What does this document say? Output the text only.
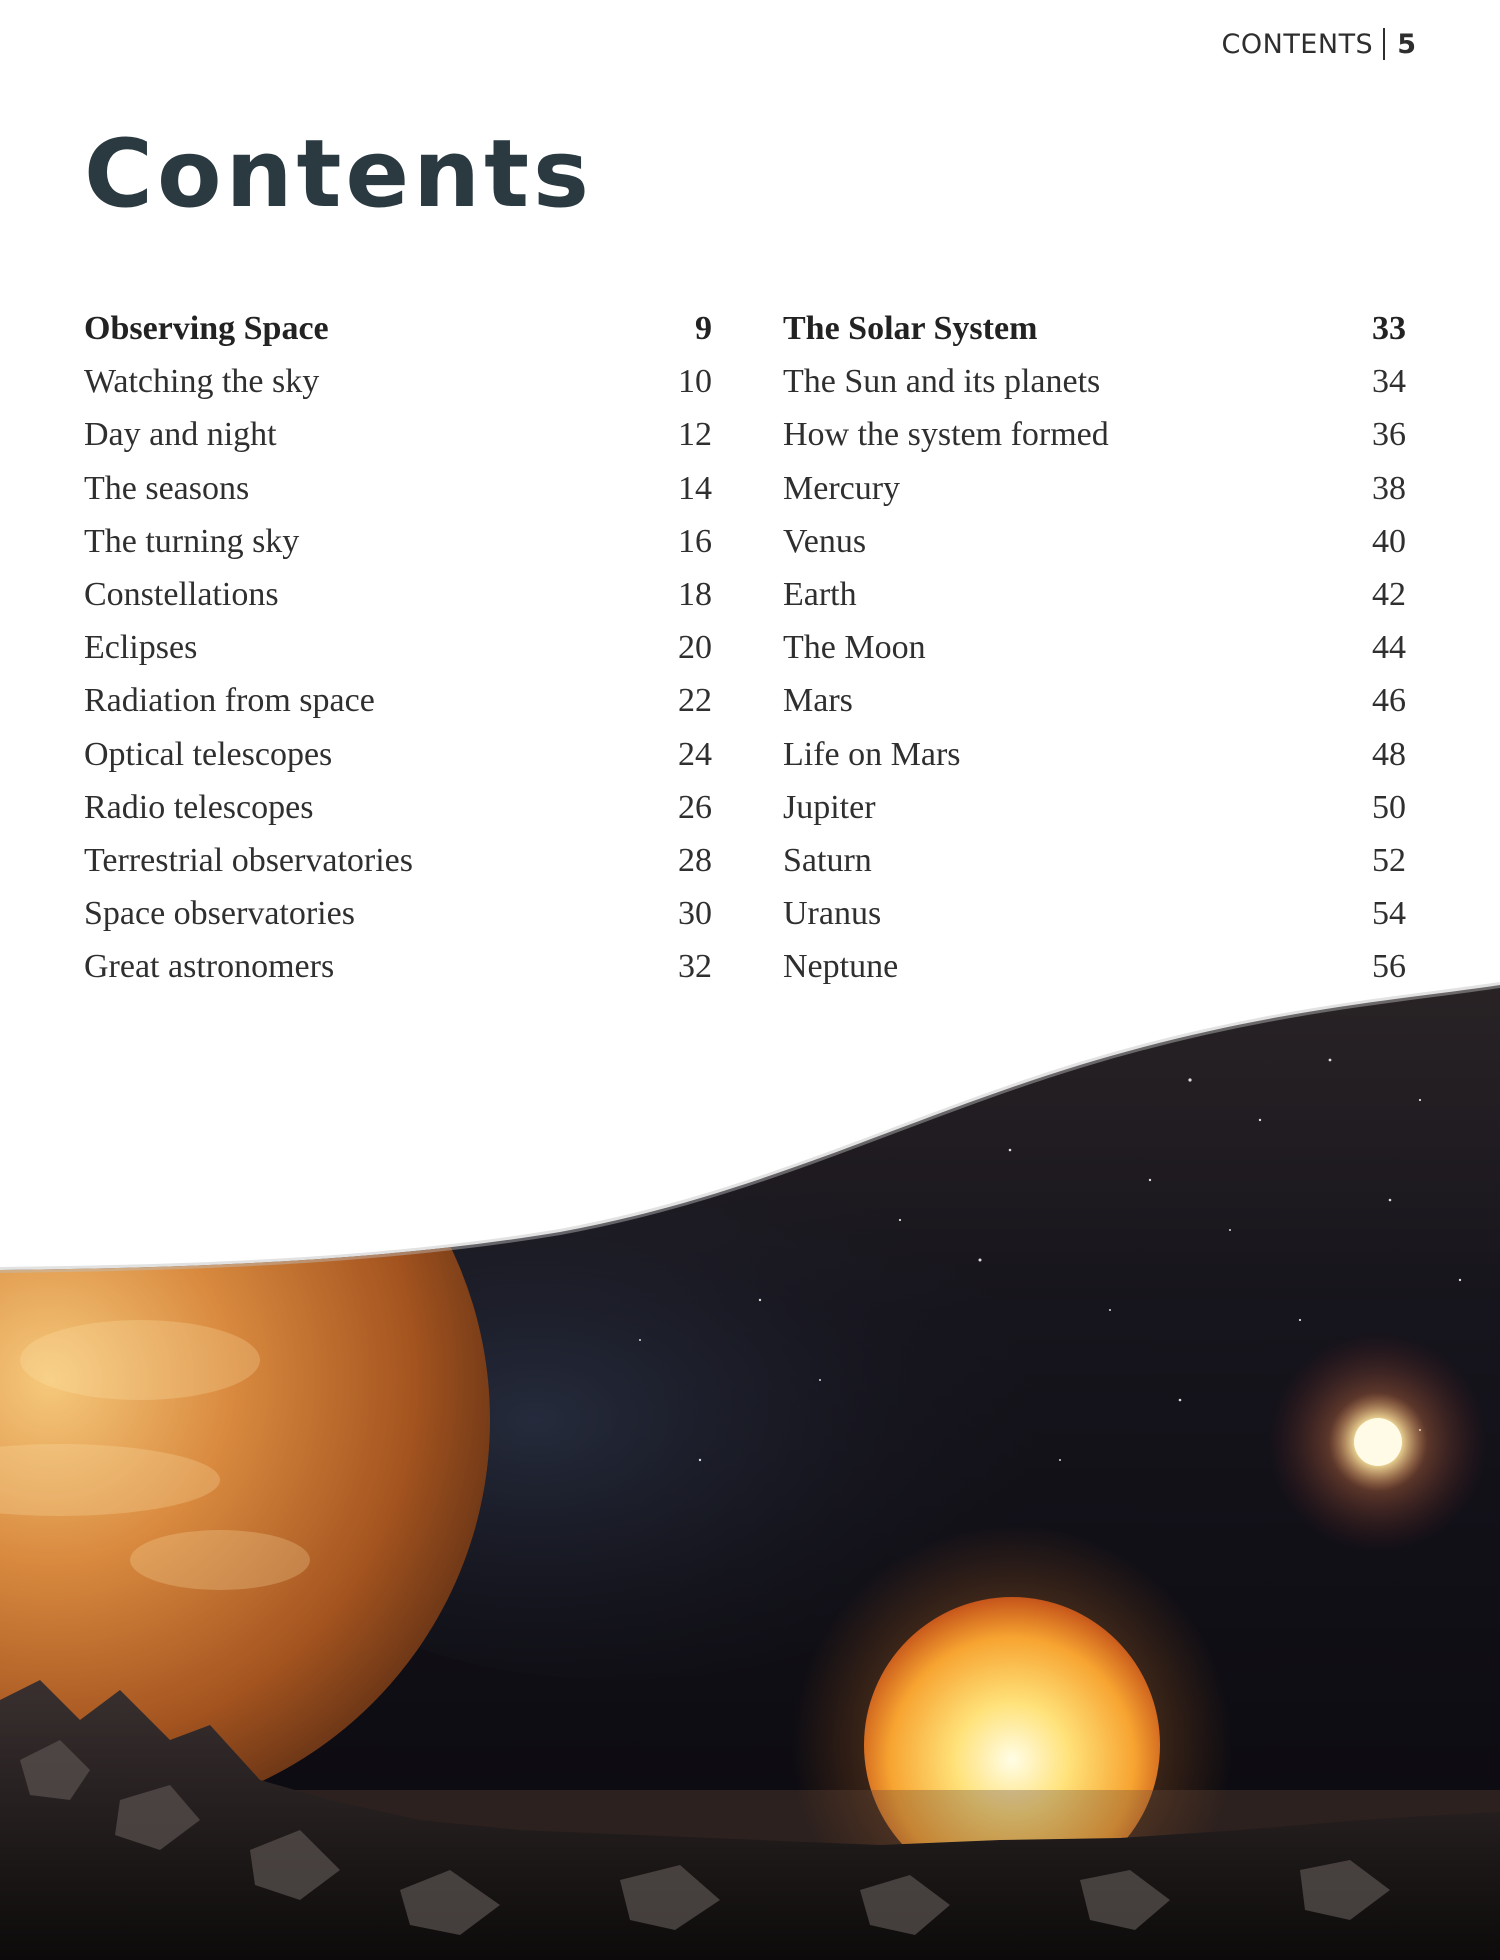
CONTENTS 5
Contents
Observing Space	9
Watching the sky	10
Day and night	12
The seasons	14
The turning sky	16
Constellations	18
Eclipses	20
Radiation from space	22
Optical telescopes	24
Radio telescopes	26
Terrestrial observatories	28
Space observatories	30
Great astronomers	32
The Solar System	33
The Sun and its planets	34
How the system formed	36
Mercury	38
Venus	40
Earth	42
The Moon	44
Mars	46
Life on Mars	48
Jupiter	50
Saturn	52
Uranus	54
Neptune	56
